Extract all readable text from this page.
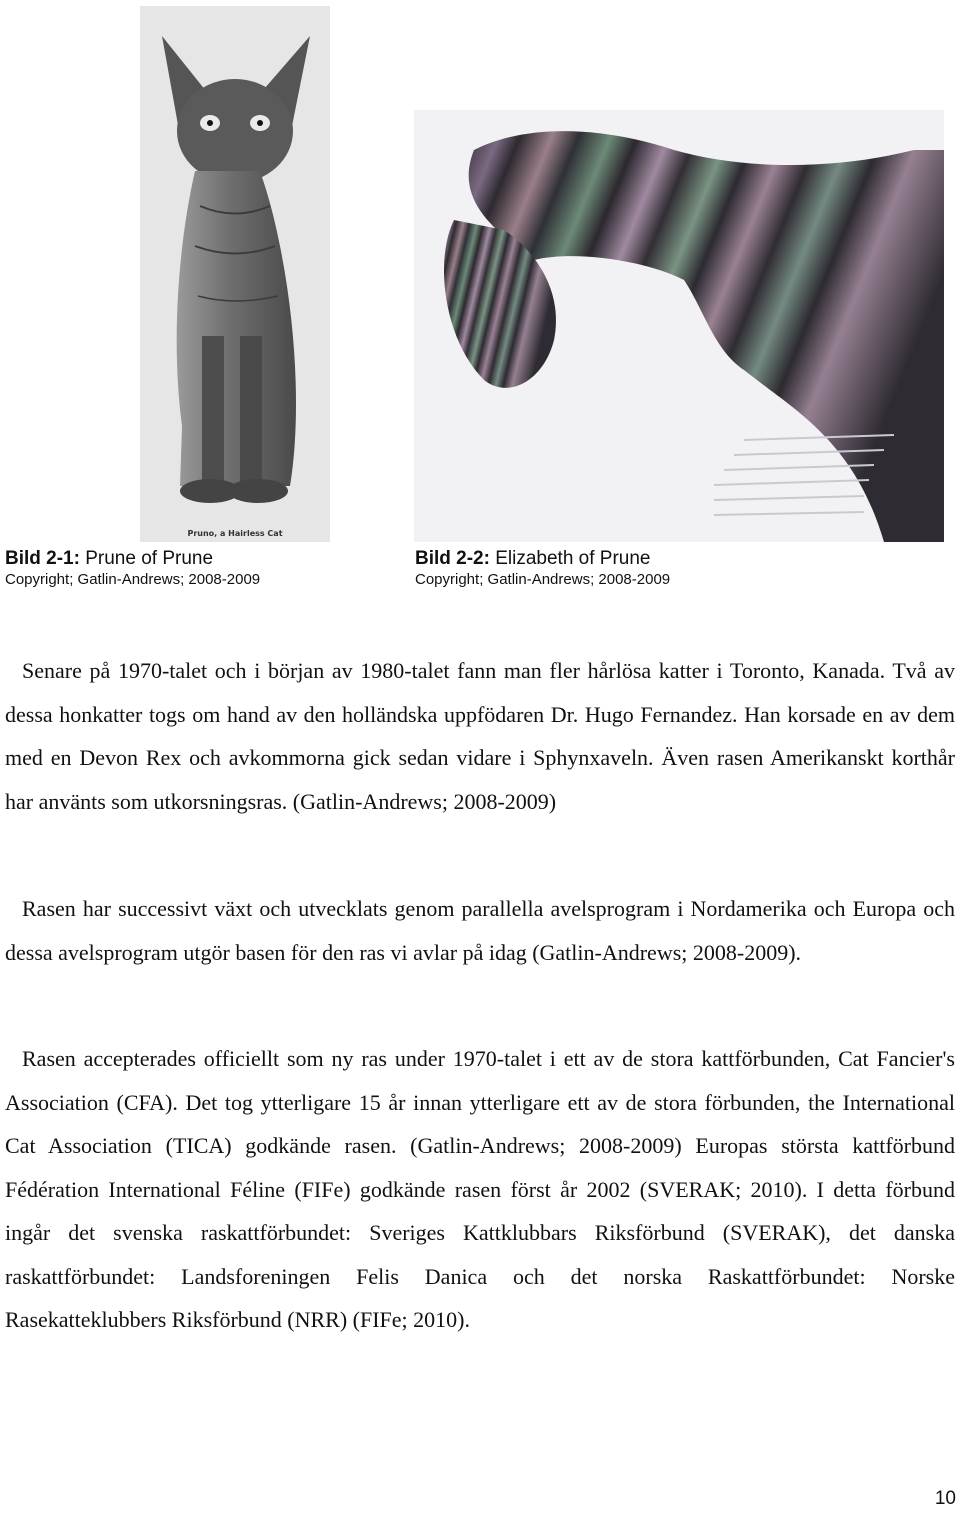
Pruno, a Hairless Cat
Bild 2-1: Prune of Prune
Copyright; Gatlin-Andrews; 2008-2009
Bild 2-2: Elizabeth of Prune
Copyright; Gatlin-Andrews; 2008-2009

Senare på 1970-talet och i början av 1980-talet fann man fler hårlösa katter i Toronto, Kanada. Två av dessa honkatter togs om hand av den holländska uppfödaren Dr. Hugo Fernandez. Han korsade en av dem med en Devon Rex och avkommorna gick sedan vidare i Sphynxaveln. Även rasen Amerikanskt korthår har använts som utkorsningsras. (Gatlin-Andrews; 2008-2009)

Rasen har successivt växt och utvecklats genom parallella avelsprogram i Nordamerika och Europa och dessa avelsprogram utgör basen för den ras vi avlar på idag (Gatlin-Andrews; 2008-2009).

Rasen accepterades officiellt som ny ras under 1970-talet i ett av de stora kattförbunden, Cat Fancier's Association (CFA). Det tog ytterligare 15 år innan ytterligare ett av de stora förbunden, the International Cat Association (TICA) godkände rasen. (Gatlin-Andrews; 2008-2009) Europas största kattförbund Fédération International Féline (FIFe) godkände rasen först år 2002 (SVERAK; 2010). I detta förbund ingår det svenska raskattförbundet: Sveriges Kattklubbars Riksförbund (SVERAK), det danska raskattförbundet: Landsforeningen Felis Danica och det norska Raskattförbundet: Norske Rasekatteklubbers Riksförbund (NRR) (FIFe; 2010).

10
